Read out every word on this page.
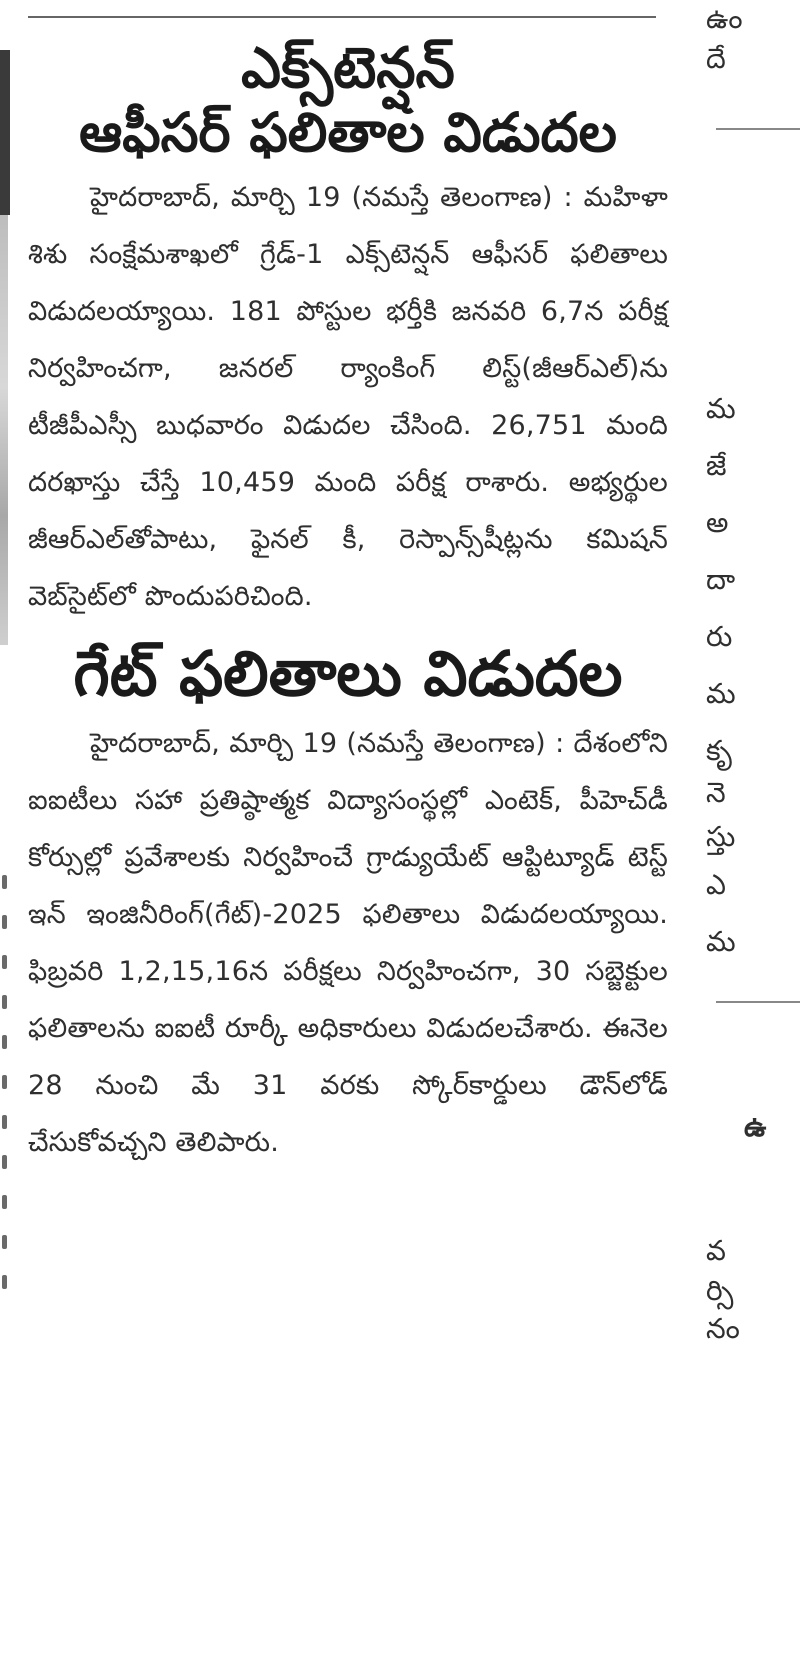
ఎక్స్‌టెన్షన్
ఆఫీసర్ ఫలితాల విడుదల

హైదరాబాద్, మార్చి 19 (నమస్తే తెలంగాణ) : మహిళా శిశు సంక్షేమశాఖలో గ్రేడ్-1 ఎక్స్‌టెన్షన్ ఆఫీసర్ ఫలితాలు విడుదలయ్యాయి. 181 పోస్టుల భర్తీకి జనవరి 6,7న పరీక్ష నిర్వహించగా, జనరల్ ర్యాంకింగ్ లిస్ట్(జీఆర్ఎల్)ను టీజీపీఎస్సీ బుధవారం విడుదల చేసింది. 26,751 మంది దరఖాస్తు చేస్తే 10,459 మంది పరీక్ష రాశారు. అభ్యర్థుల జీఆర్ఎల్‌తోపాటు, ఫైనల్ కీ, రెస్పాన్స్‌షీట్లను కమిషన్ వెబ్‌సైట్‌లో పొందుపరిచింది.

గేట్ ఫలితాలు విడుదల

హైదరాబాద్, మార్చి 19 (నమస్తే తెలంగాణ) : దేశంలోని ఐఐటీలు సహా ప్రతిష్ఠాత్మక విద్యాసంస్థల్లో ఎంటెక్, పీహెచ్‌డీ కోర్సుల్లో ప్రవేశాలకు నిర్వహించే గ్రాడ్యుయేట్ ఆప్టిట్యూడ్ టెస్ట్ ఇన్ ఇంజినీరింగ్(గేట్)-2025 ఫలితాలు విడుదలయ్యాయి. ఫిబ్రవరి 1,2,15,16న పరీక్షలు నిర్వహించగా, 30 సబ్జెక్టుల ఫలితాలను ఐఐటీ రూర్కీ అధికారులు విడుదలచేశారు. ఈనెల 28 నుంచి మే 31 వరకు స్కోర్‌కార్డులు డౌన్‌లోడ్ చేసుకోవచ్చని తెలిపారు.

ఉం
దే
మ
జే
అ
దా
రు
మ
కృ
నె
స్తు
ఎ
మ
ఉ
వ
ర్సి
నం
